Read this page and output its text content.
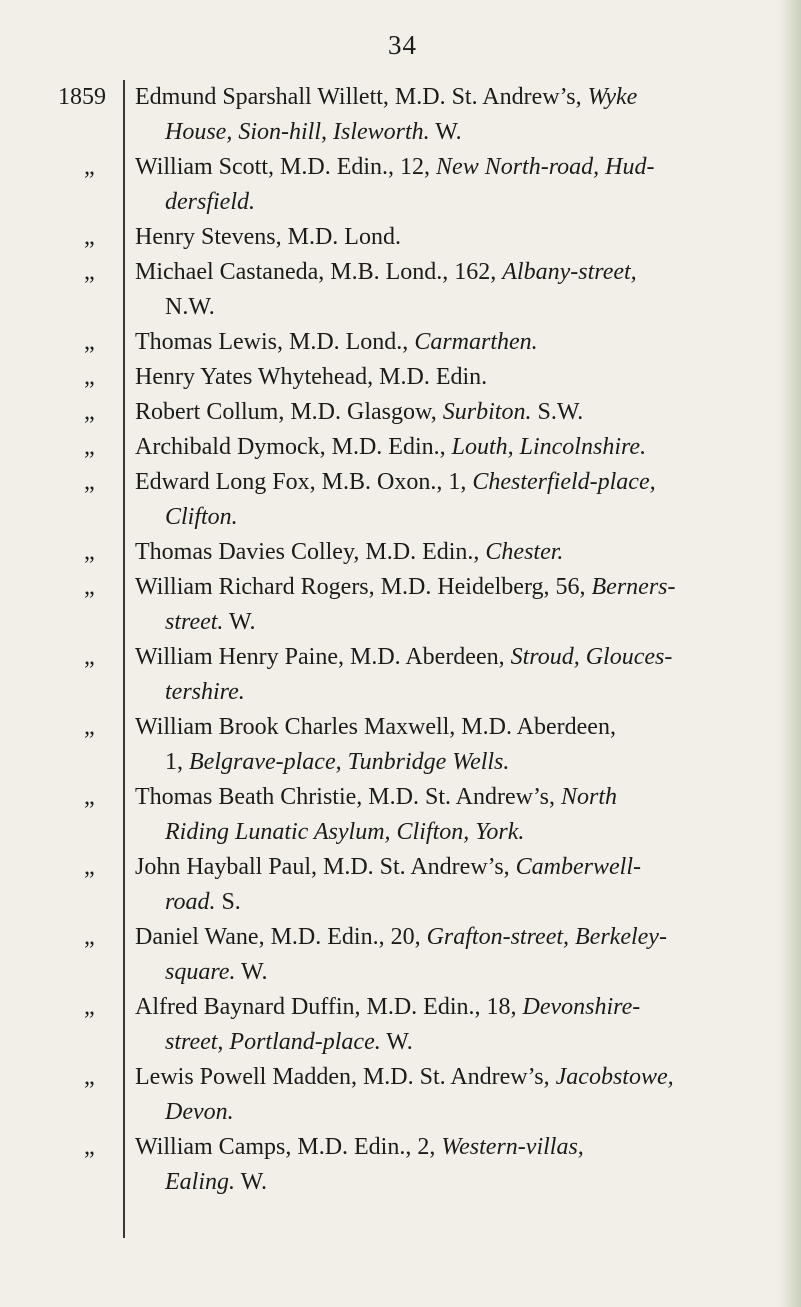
34
1859	Edmund Sparshall Willett, M.D. St. Andrew’s, Wyke
House, Sion-hill, Isleworth. W.
„ William Scott, M.D. Edin., 12, New North-road, Hud-
dersfield.
„ Henry Stevens, M.D. Lond.
„ Michael Castaneda, M.B. Lond., 162, Albany-street,
N.W.
„ Thomas Lewis, M.D. Lond., Carmarthen.
„ Henry Yates Whytehead, M.D. Edin.
„ Robert Collum, M.D. Glasgow, Surbiton. S.W.
„ Archibald Dymock, M.D. Edin., Louth, Lincolnshire.
„ Edward Long Fox, M.B. Oxon., 1, Chesterfield-place,
Clifton.
„ Thomas Davies Colley, M.D. Edin., Chester.
„ William Richard Rogers, M.D. Heidelberg, 56, Berners-
street. W.
„ William Henry Paine, M.D. Aberdeen, Stroud, Glouces-
tershire.
„ William Brook Charles Maxwell, M.D. Aberdeen,
1, Belgrave-place, Tunbridge Wells.
„ Thomas Beath Christie, M.D. St. Andrew’s, North
Riding Lunatic Asylum, Clifton, York.
„ John Hayball Paul, M.D. St. Andrew’s, Camberwell-
road. S.
„ Daniel Wane, M.D. Edin., 20, Grafton-street, Berkeley-
square. W.
„ Alfred Baynard Duffin, M.D. Edin., 18, Devonshire-
street, Portland-place. W.
„ Lewis Powell Madden, M.D. St. Andrew’s, Jacobstowe,
Devon.
„ William Camps, M.D. Edin., 2, Western-villas,
Ealing. W.
